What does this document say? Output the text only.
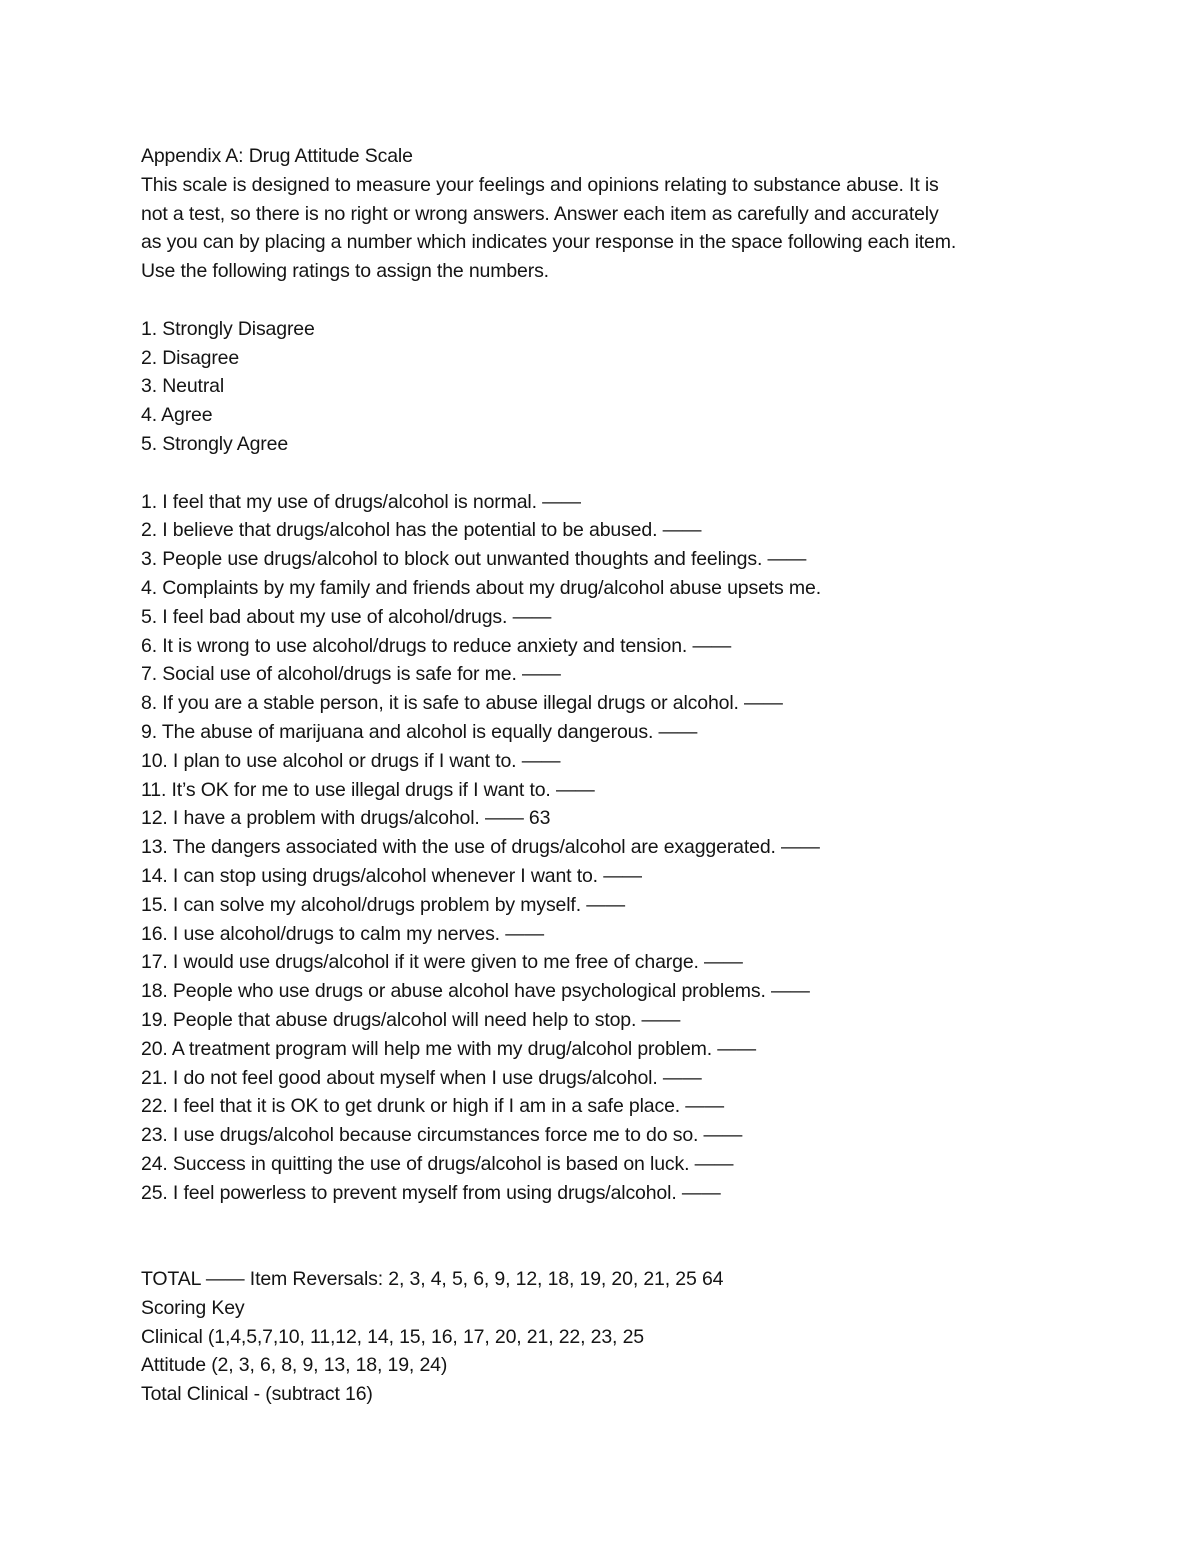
Appendix A: Drug Attitude Scale

This scale is designed to measure your feelings and opinions relating to substance abuse. It is

not a test, so there is no right or wrong answers. Answer each item as carefully and accurately

as you can by placing a number which indicates your response in the space following each item.

Use the following ratings to assign the numbers.

1. Strongly Disagree
2. Disagree
3. Neutral
4. Agree
5. Strongly Agree
1. I feel that my use of drugs/alcohol is normal. ——
2. I believe that drugs/alcohol has the potential to be abused. ——
3. People use drugs/alcohol to block out unwanted thoughts and feelings. ——
4. Complaints by my family and friends about my drug/alcohol abuse upsets me.
5. I feel bad about my use of alcohol/drugs. ——
6. It is wrong to use alcohol/drugs to reduce anxiety and tension. ——
7. Social use of alcohol/drugs is safe for me. ——
8. If you are a stable person, it is safe to abuse illegal drugs or alcohol. ——
9. The abuse of marijuana and alcohol is equally dangerous. ——
10. I plan to use alcohol or drugs if I want to. ——
11. It’s OK for me to use illegal drugs if I want to. ——
12. I have a problem with drugs/alcohol. —— 63
13. The dangers associated with the use of drugs/alcohol are exaggerated. ——
14. I can stop using drugs/alcohol whenever I want to. ——
15. I can solve my alcohol/drugs problem by myself. ——
16. I use alcohol/drugs to calm my nerves. ——
17. I would use drugs/alcohol if it were given to me free of charge. ——
18. People who use drugs or abuse alcohol have psychological problems. ——
19. People that abuse drugs/alcohol will need help to stop. ——
20. A treatment program will help me with my drug/alcohol problem. ——
21. I do not feel good about myself when I use drugs/alcohol. ——
22. I feel that it is OK to get drunk or high if I am in a safe place. ——
23. I use drugs/alcohol because circumstances force me to do so. ——
24. Success in quitting the use of drugs/alcohol is based on luck. ——
25. I feel powerless to prevent myself from using drugs/alcohol. ——

TOTAL —— Item Reversals: 2, 3, 4, 5, 6, 9, 12, 18, 19, 20, 21, 25 64

Scoring Key

Clinical (1,4,5,7,10, 11,12, 14, 15, 16, 17, 20, 21, 22, 23, 25

Attitude (2, 3, 6, 8, 9, 13, 18, 19, 24)

Total Clinical - (subtract 16)
